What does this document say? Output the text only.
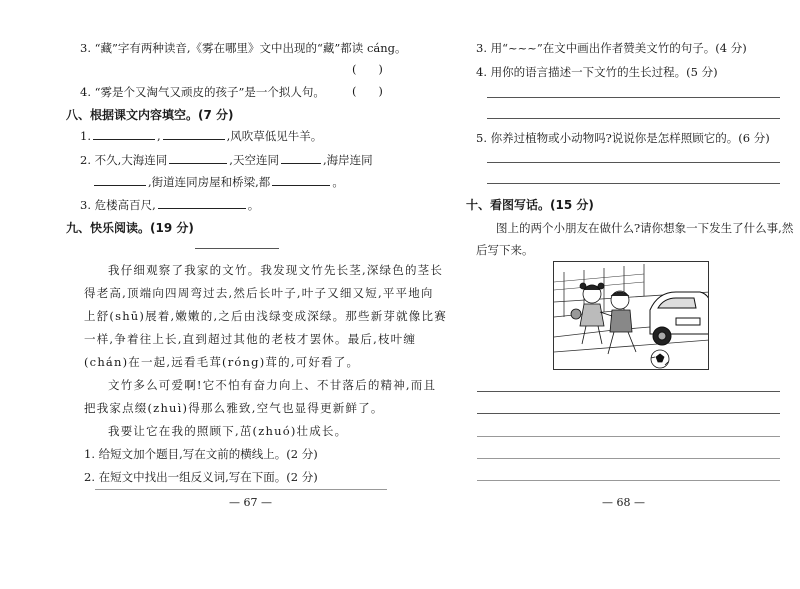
3. “藏”字有两种读音,《雾在哪里》文中出现的“藏”都读 cáng。
(      )
4. “雾是个又淘气又顽皮的孩子”是一个拟人句。 (      )
八、根据课文内容填空。(7 分)
1.	,	,风吹草低见牛羊。
2. 不久,大海连同	,天空连同	,海岸连同
,街道连同房屋和桥梁,都	。
3. 危楼高百尺,	。
九、快乐阅读。(19 分)
我仔细观察了我家的文竹。我发现文竹先长茎,深绿色的茎长
得老高,顶端向四周弯过去,然后长叶子,叶子又细又短,平平地向
上舒(shū)展着,嫩嫩的,之后由浅绿变成深绿。那些新芽就像比赛
一样,争着往上长,直到超过其他的老枝才罢休。最后,枝叶缠
(chán)在一起,远看毛茸(róng)茸的,可好看了。
文竹多么可爱啊!它不怕有奋力向上、不甘落后的精神,而且
把我家点缀(zhuì)得那么雅致,空气也显得更新鲜了。
我要让它在我的照顾下,茁(zhuó)壮成长。
1. 给短文加个题目,写在文前的横线上。(2 分)
2. 在短文中找出一组反义词,写在下面。(2 分)
— 67 —
3. 用“~~~”在文中画出作者赞美文竹的句子。(4 分)
4. 用你的语言描述一下文竹的生长过程。(5 分)
5. 你养过植物或小动物吗?说说你是怎样照顾它的。(6 分)
十、看图写话。(15 分)
图上的两个小朋友在做什么?请你想象一下发生了什么事,然
后写下来。
— 68 —
